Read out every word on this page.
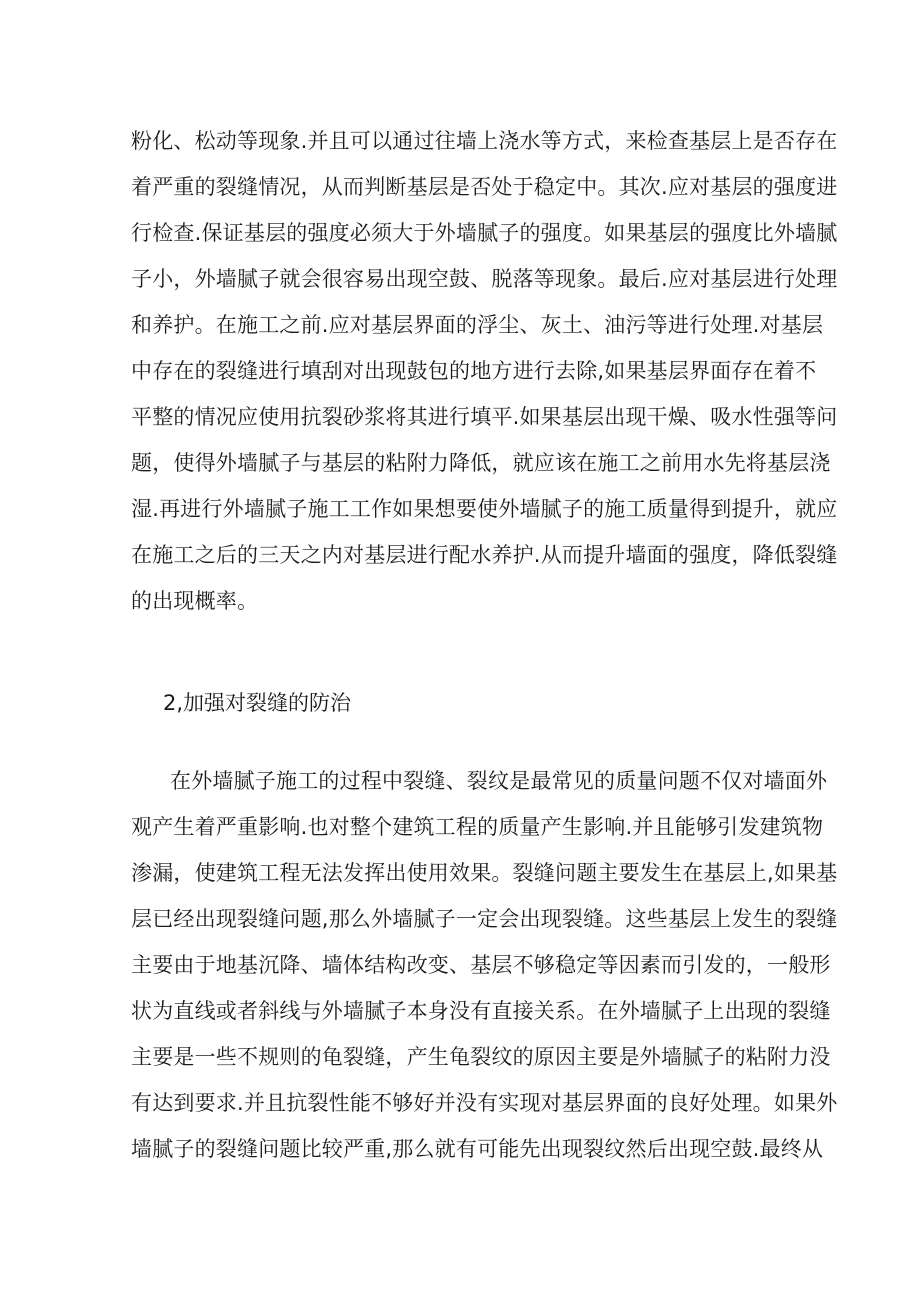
粉化、松动等现象.并且可以通过往墙上浇水等方式，来检查基层上是否存在
着严重的裂缝情况，从而判断基层是否处于稳定中。其次.应对基层的强度进
行检查.保证基层的强度必须大于外墙腻子的强度。如果基层的强度比外墙腻
子小，外墙腻子就会很容易出现空鼓、脱落等现象。最后.应对基层进行处理
和养护。在施工之前.应对基层界面的浮尘、灰土、油污等进行处理.对基层
中存在的裂缝进行填刮对出现鼓包的地方进行去除,如果基层界面存在着不
平整的情况应使用抗裂砂浆将其进行填平.如果基层出现干燥、吸水性强等问
题，使得外墙腻子与基层的粘附力降低，就应该在施工之前用水先将基层浇
湿.再进行外墙腻子施工工作如果想要使外墙腻子的施工质量得到提升，就应
在施工之后的三天之内对基层进行配水养护.从而提升墙面的强度，降低裂缝
的出现概率。
2,加强对裂缝的防治
在外墙腻子施工的过程中裂缝、裂纹是最常见的质量问题不仅对墙面外
观产生着严重影响.也对整个建筑工程的质量产生影响.并且能够引发建筑物
渗漏，使建筑工程无法发挥出使用效果。裂缝问题主要发生在基层上,如果基
层已经出现裂缝问题,那么外墙腻子一定会出现裂缝。这些基层上发生的裂缝
主要由于地基沉降、墙体结构改变、基层不够稳定等因素而引发的，一般形
状为直线或者斜线与外墙腻子本身没有直接关系。在外墙腻子上出现的裂缝
主要是一些不规则的龟裂缝，产生龟裂纹的原因主要是外墙腻子的粘附力没
有达到要求.并且抗裂性能不够好并没有实现对基层界面的良好处理。如果外
墙腻子的裂缝问题比较严重,那么就有可能先出现裂纹然后出现空鼓.最终从
